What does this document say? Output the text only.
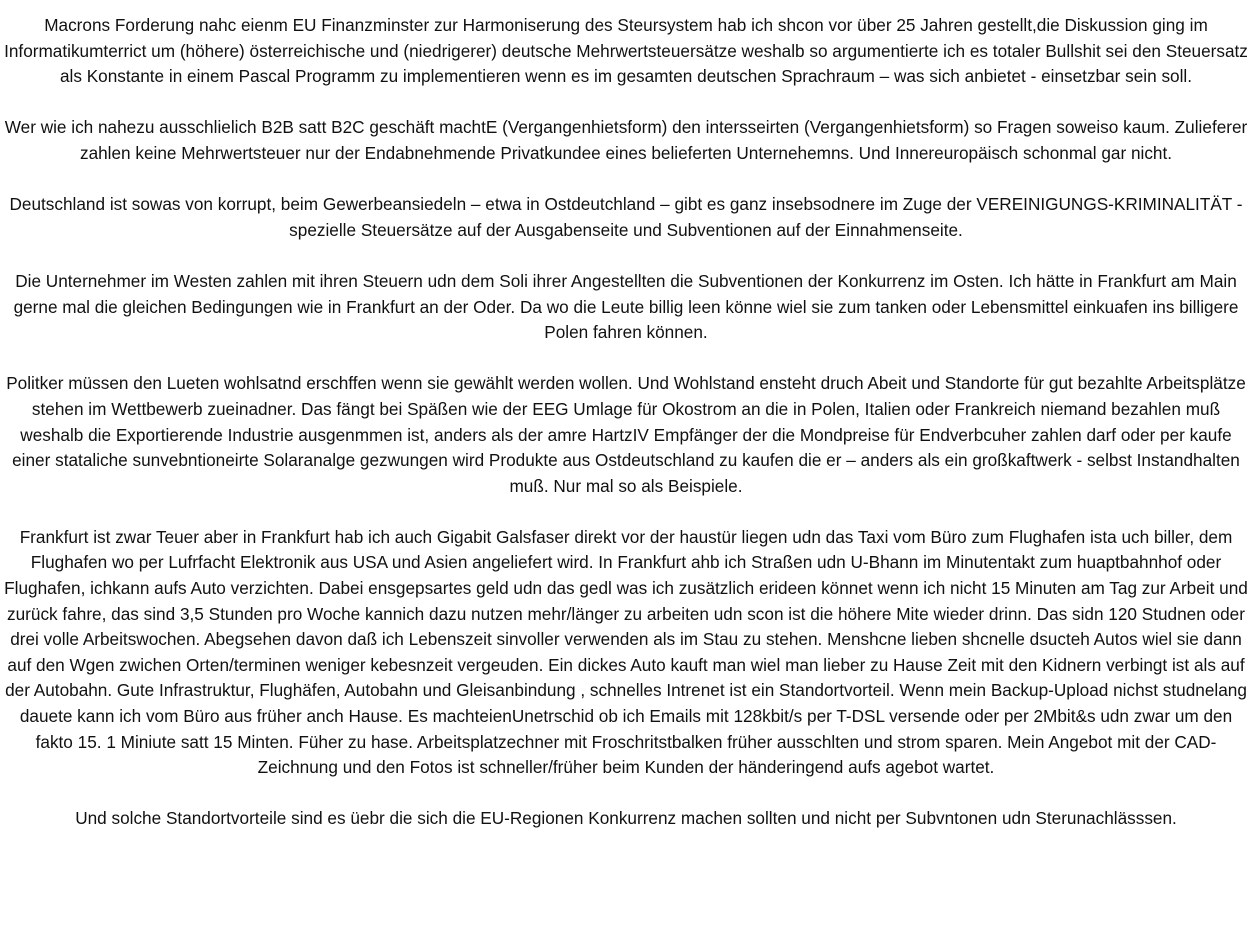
Macrons Forderung nahc eienm EU Finanzminster zur Harmoniserung des Steursystem hab ich shcon vor über 25 Jahren gestellt,die Diskussion ging im Informatikumterrict um (höhere) österreichische und (niedrigerer) deutsche Mehrwertsteuersätze weshalb so argumentierte ich es totaler Bullshit sei den Steuersatz als Konstante in einem Pascal Programm zu implementieren wenn es im gesamten deutschen Sprachraum – was sich anbietet - einsetzbar sein soll.

Wer wie ich nahezu ausschlielich B2B satt B2C geschäft machtE (Vergangenhietsform) den intersseirten (Vergangenhietsform) so Fragen soweiso kaum. Zulieferer zahlen keine Mehrwertsteuer nur der Endabnehmende Privatkundee eines belieferten Unternehemns. Und Innereuropäisch schonmal gar nicht.

Deutschland ist sowas von korrupt, beim Gewerbeansiedeln – etwa in Ostdeutchland – gibt es ganz insebsodnere im Zuge der VEREINIGUNGS-KRIMINALITÄT - spezielle Steuersätze auf der Ausgabenseite und Subventionen auf der Einnahmenseite.

Die Unternehmer im Westen zahlen mit ihren Steuern udn dem Soli ihrer Angestellten die Subventionen der Konkurrenz im Osten. Ich hätte in Frankfurt am Main gerne mal die gleichen Bedingungen wie in Frankfurt an der Oder. Da wo die Leute billig leen könne wiel sie zum tanken oder Lebensmittel einkuafen ins billigere Polen fahren können.

Politker müssen den Lueten wohlsatnd erschffen wenn sie gewählt werden wollen. Und Wohlstand ensteht druch Abeit und Standorte für gut bezahlte Arbeitsplätze stehen im Wettbewerb zueinadner. Das fängt bei Späßen wie der EEG Umlage für Okostrom an die in Polen, Italien oder Frankreich niemand bezahlen muß weshalb die Exportierende Industrie ausgenmmen ist, anders als der amre HartzIV Empfänger der die Mondpreise für Endverbcuher zahlen darf oder per kaufe einer stataliche sunvebntioneirte Solaranalge gezwungen wird Produkte aus Ostdeutschland zu kaufen die er – anders als ein großkaftwerk - selbst Instandhalten muß. Nur mal so als Beispiele.

Frankfurt ist zwar Teuer aber in Frankfurt hab ich auch Gigabit Galsfaser direkt vor der haustür liegen udn das Taxi vom Büro zum Flughafen ista uch biller, dem Flughafen wo per Lufrfacht Elektronik aus USA und Asien angeliefert wird. In Frankfurt ahb ich Straßen udn U-Bhann im Minutentakt zum huaptbahnhof oder Flughafen, ichkann aufs Auto verzichten. Dabei ensgepsartes geld udn das gedl was ich zusätzlich erideen könnet wenn ich nicht 15 Minuten am Tag zur Arbeit und zurück fahre, das sind 3,5 Stunden pro Woche kannich dazu nutzen mehr/länger zu arbeiten udn scon ist die höhere Mite wieder drinn. Das sidn 120 Studnen oder drei volle Arbeitswochen. Abegsehen davon daß ich Lebenszeit sinvoller verwenden als im Stau zu stehen. Menshcne lieben shcnelle dsucteh Autos wiel sie dann auf den Wgen zwichen Orten/terminen weniger kebesnzeit vergeuden. Ein dickes Auto kauft man wiel man lieber zu Hause Zeit mit den Kidnern verbingt ist als auf der Autobahn. Gute Infrastruktur, Flughäfen, Autobahn und Gleisanbindung , schnelles Intrenet ist ein Standortvorteil. Wenn mein Backup-Upload nichst studnelang dauete kann ich vom Büro aus früher anch Hause. Es machteienUnetrschid ob ich Emails mit 128kbit/s per T-DSL versende oder per 2Mbit&s udn zwar um den fakto 15. 1 Miniute satt 15 Minten. Füher zu hase. Arbeitsplatzechner mit Froschritstbalken früher ausschlten und strom sparen. Mein Angebot mit der CAD-Zeichnung und den Fotos ist schneller/früher beim Kunden der händeringend aufs agebot wartet.

Und solche Standortvorteile sind es üebr die sich die EU-Regionen Konkurrenz machen sollten und nicht per Subvntonen udn Sterunachlässsen.
